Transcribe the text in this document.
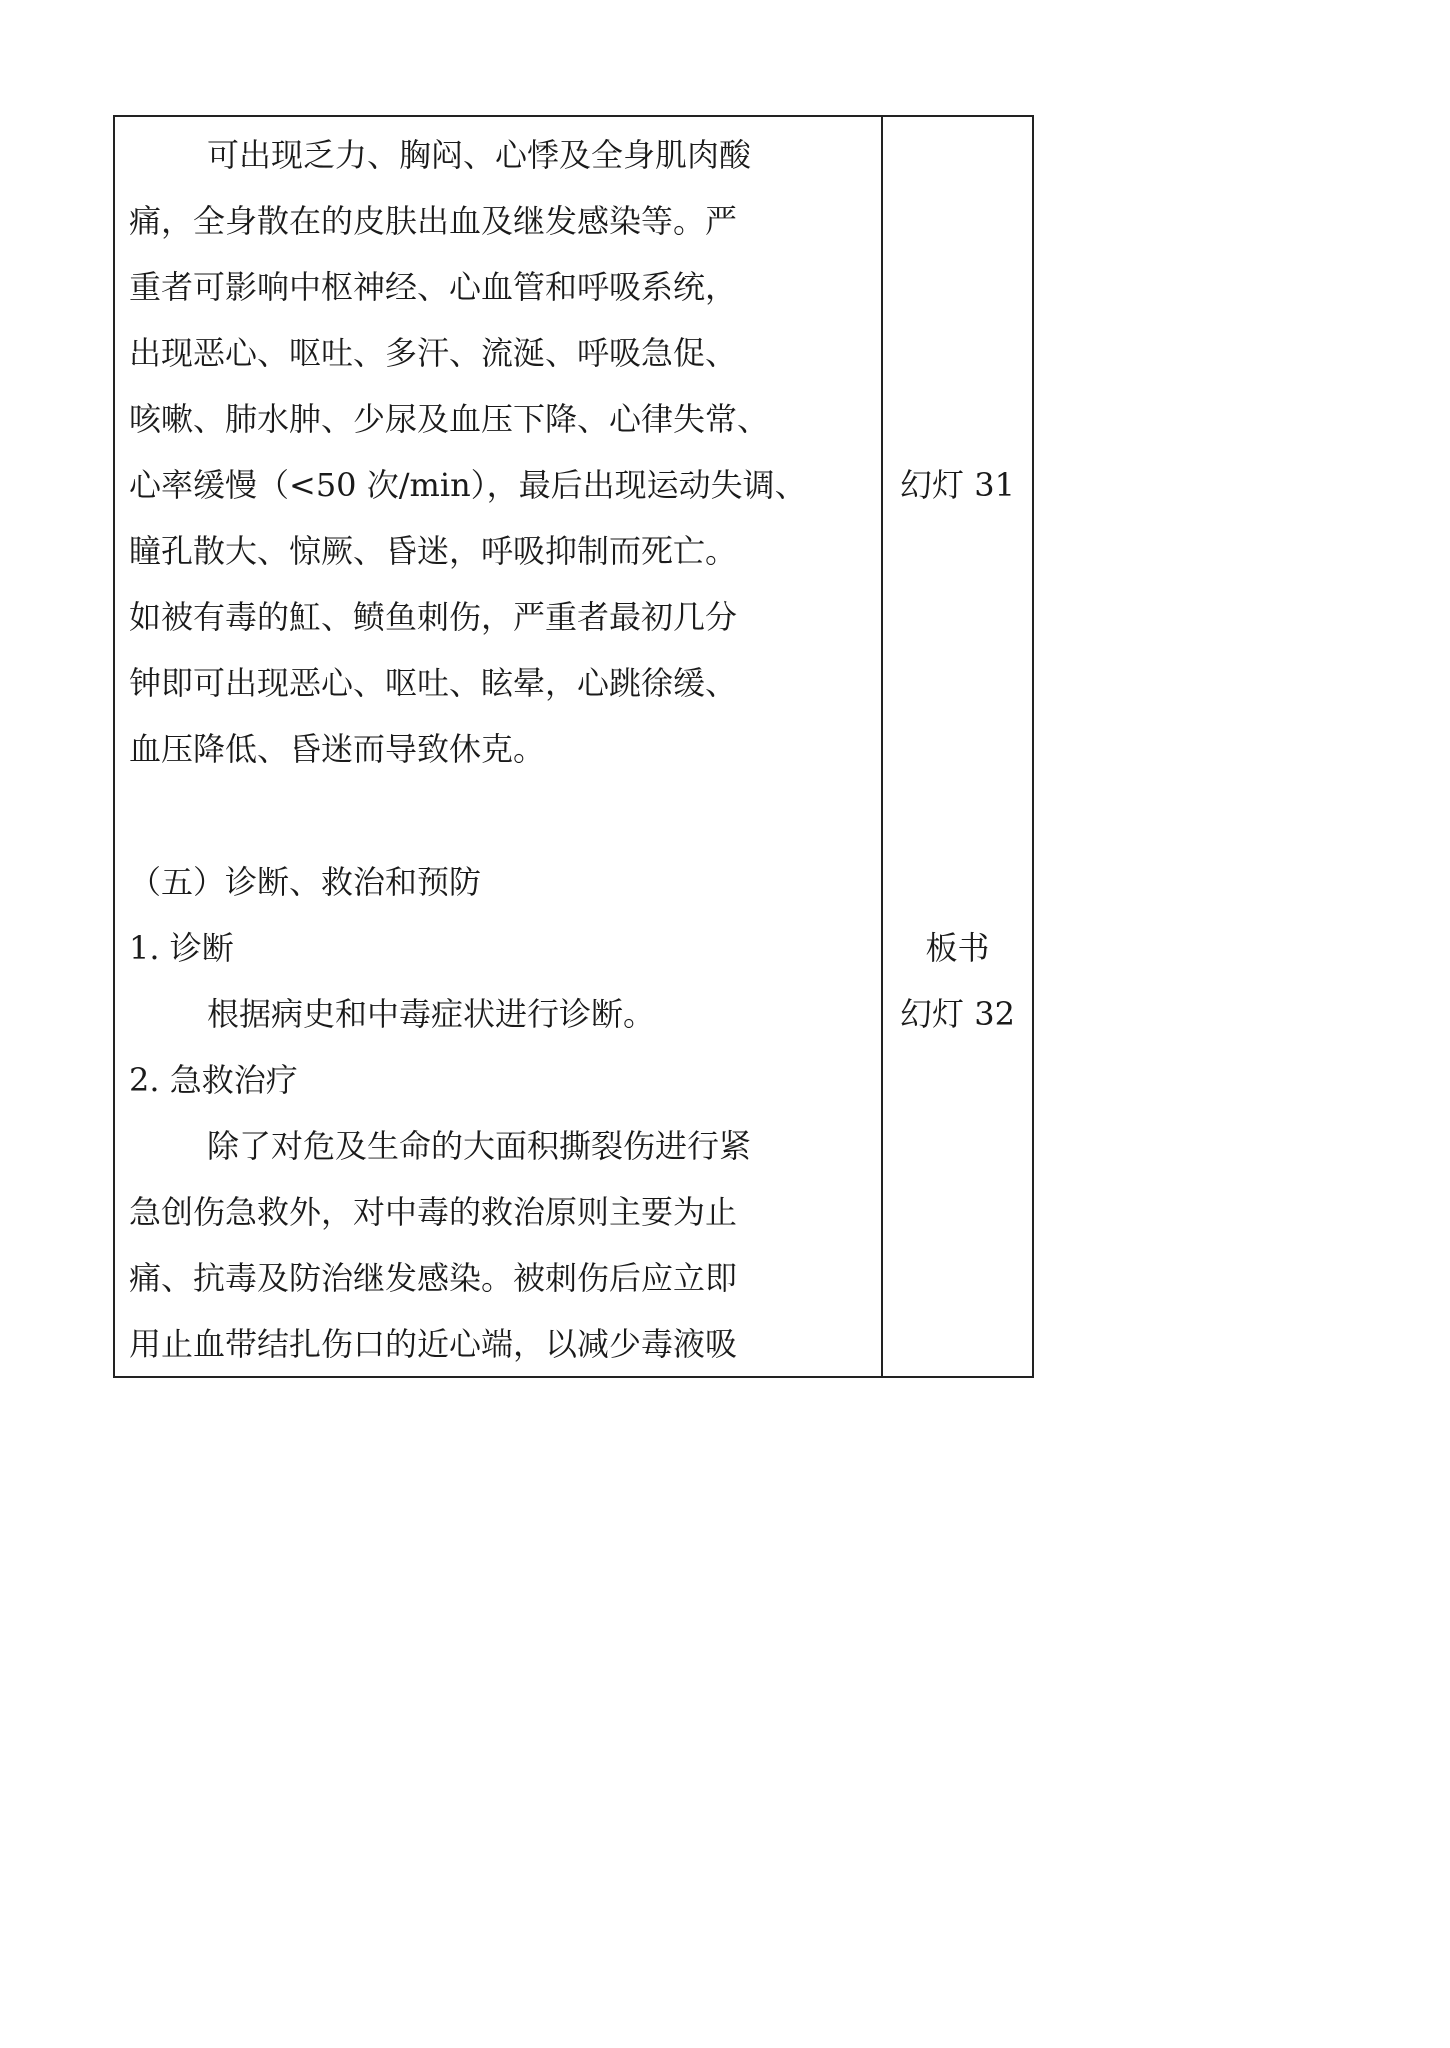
可出现乏力、胸闷、心悸及全身肌肉酸

痛，全身散在的皮肤出血及继发感染等。严

重者可影响中枢神经、心血管和呼吸系统，

出现恶心、呕吐、多汗、流涎、呼吸急促、

咳嗽、肺水肿、少尿及血压下降、心律失常、

心率缓慢（<50 次/min），最后出现运动失调、

瞳孔散大、惊厥、昏迷，呼吸抑制而死亡。

如被有毒的魟、鲼鱼刺伤，严重者最初几分

钟即可出现恶心、呕吐、眩晕，心跳徐缓、

血压降低、昏迷而导致休克。

（五）诊断、救治和预防

1. 诊断

根据病史和中毒症状进行诊断。

2. 急救治疗

除了对危及生命的大面积撕裂伤进行紧

急创伤急救外，对中毒的救治原则主要为止

痛、抗毒及防治继发感染。被刺伤后应立即

用止血带结扎伤口的近心端，以减少毒液吸

幻灯 31
板书
幻灯 32
